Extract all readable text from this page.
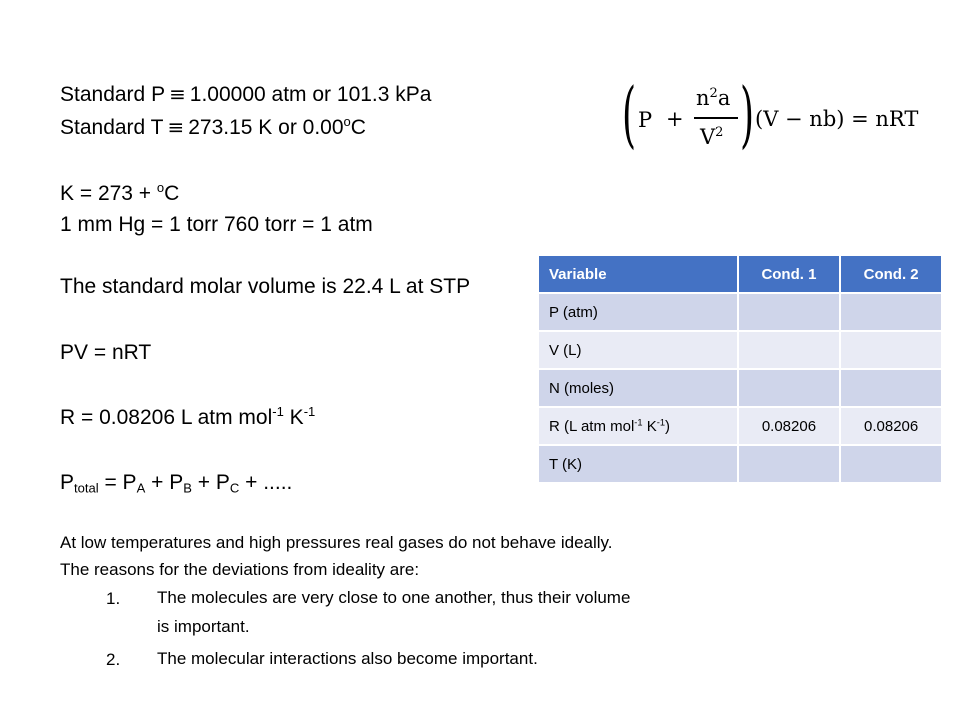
Standard P ≡ 1.00000 atm or 101.3 kPa
Standard T ≡ 273.15 K or 0.00$^o$C
K = 273 + $^o$C
1 mm Hg = 1 torr 760 torr = 1 atm
The standard molar volume is 22.4 L at STP
PV = nRT
R = 0.08206 L atm mol$^{-1}$ $K^{-1}$
$P_{total} = P_A + P_B + P_C$ + .....
( P +
$n^2a$
$V^2$ ) (V − nb) = nRT
Variable	Cond. 1	Cond. 2
P (atm)		
V (L)		
N (moles)		
R (L atm mol$^{-1}$ $K^{-1}$)	0.08206	0.08206
T (K)		
At low temperatures and high pressures real gases do not behave ideally.
The reasons for the deviations from ideality are:
1. The molecules are very close to one another, thus their volume
is important.
2. The molecular interactions also become important.
